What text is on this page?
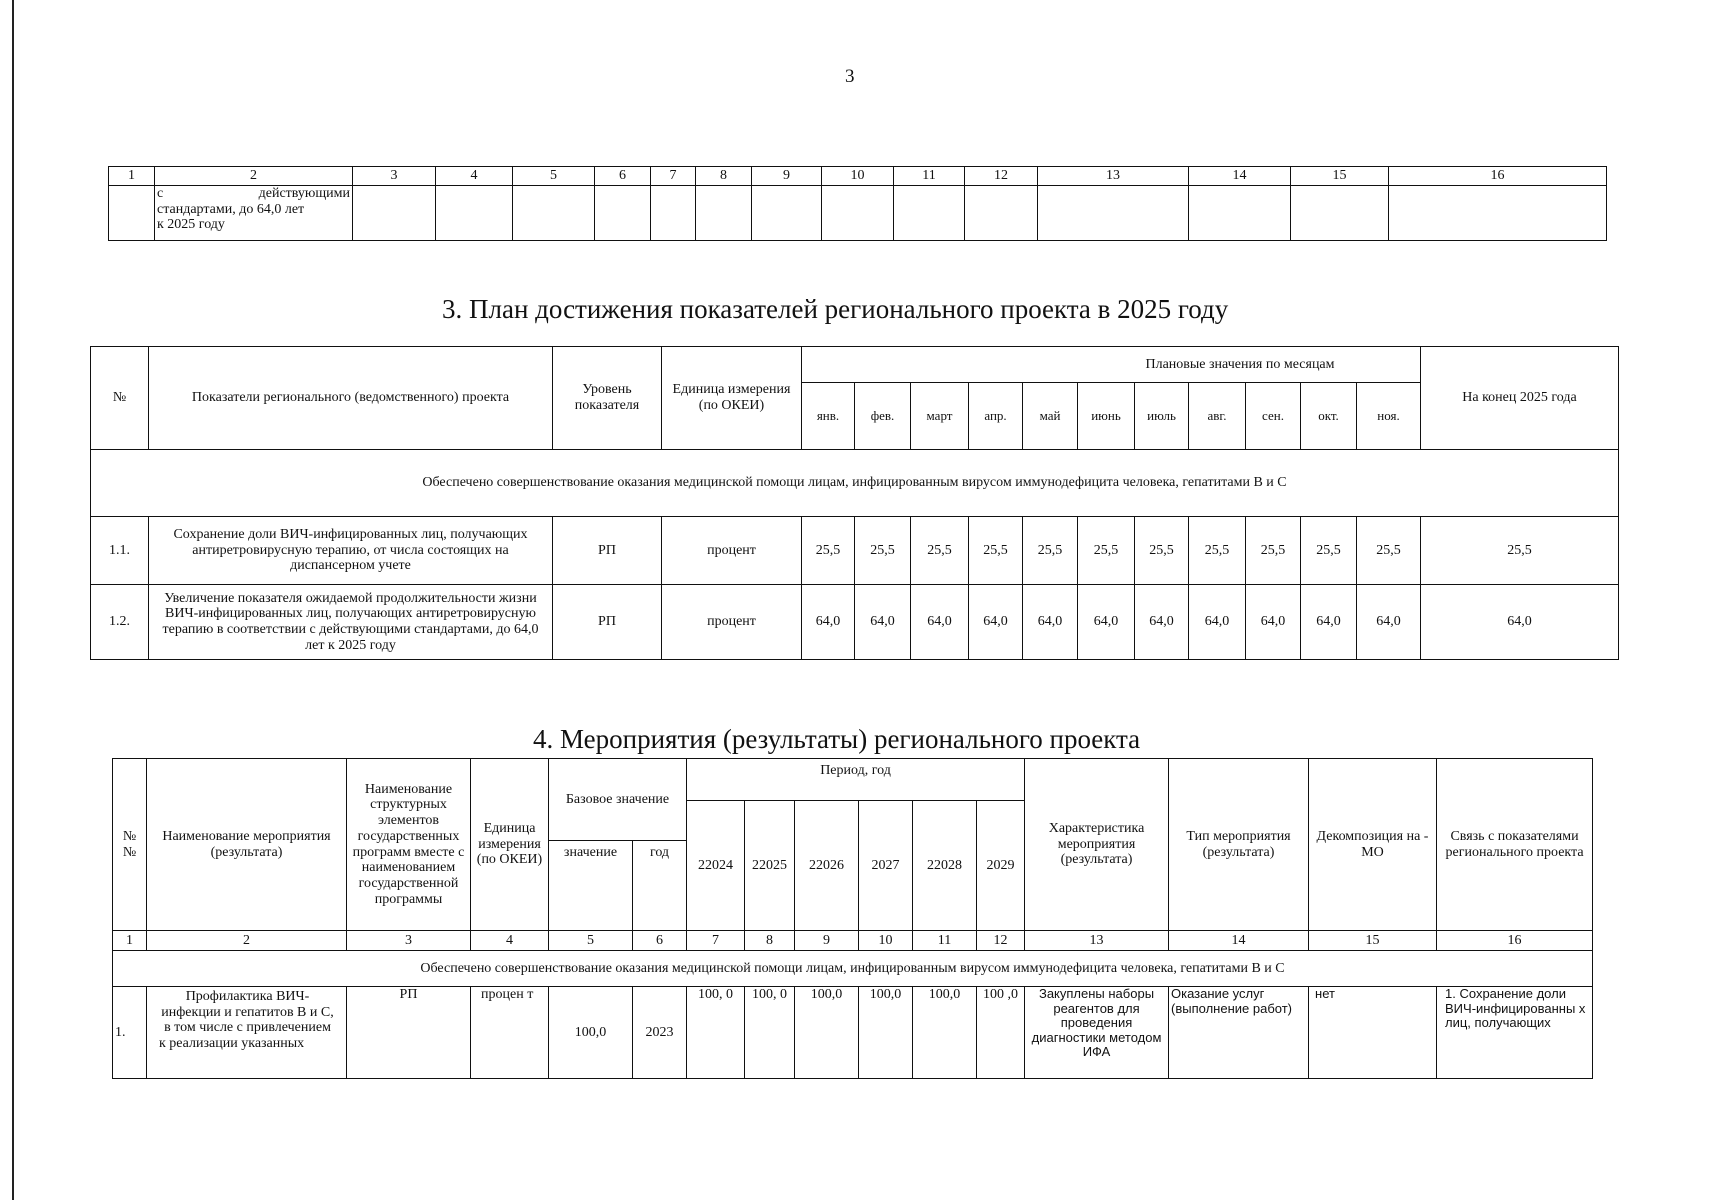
3
1	2	3	4	5	6	7	8	9	10	11	12	13	14	15	16

	с действующими
стандартами, до 64,0 лет
к 2025 году														

3. План достижения показателей регионального проекта в 2025 году
№	Показатели регионального (ведомственного) проекта	Уровень показателя	Единица измерения (по ОКЕИ)	Плановые значения по месяцам											На конец 2025 года
				янв.	фев.	март	апр.	май	июнь	июль	авг.	сен.	окт.	ноя.	
Обеспечено совершенствование оказания медицинской помощи лицам, инфицированным вирусом иммунодефицита человека, гепатитами В и С															
1.1.	Сохранение доли ВИЧ-инфицированных лиц, получающих антиретровирусную терапию, от числа состоящих на диспансерном учете	РП	процент	25,5	25,5	25,5	25,5	25,5	25,5	25,5	25,5	25,5	25,5	25,5	25,5
1.2.	Увеличение показателя ожидаемой продолжительности жизни ВИЧ-инфицированных лиц, получающих антиретровирусную терапию в соответствии с действующими стандартами, до 64,0 лет к 2025 году	РП	процент	64,0	64,0	64,0	64,0	64,0	64,0	64,0	64,0	64,0	64,0	64,0	64,0
4. Мероприятия (результаты) регионального проекта
№ №	Наименование мероприятия (результата)	Наименование структурных элементов государственных программ вместе с наименованием государственной программы	Единица измерения (по ОКЕИ)	Базовое значение		Период, год						Характеристика мероприятия (результата)	Тип мероприятия (результата)	Декомпозиция на - МО	Связь с показателями регионального проекта
						22024	22025	22026	2027	22028	2029				
				значение	год										
1	2	3	4	5	6	7	8	9	10	11	12	13	14	15	16
Обеспечено совершенствование оказания медицинской помощи лицам, инфицированным вирусом иммунодефицита человека, гепатитами В и С															
1.	Профилактика ВИЧ-инфекции и гепатитов В и С, в том числе с привлечением к реализации указанных	РП	процен т	100,0	2023	100, 0	100, 0	100,0	100,0	100,0	100 ,0	Закуплены наборы реагентов для проведения диагностики методом ИФА	Оказание услуг (выполнение работ)	нет	1. Сохранение доли ВИЧ-инфицированны х лиц, получающих
